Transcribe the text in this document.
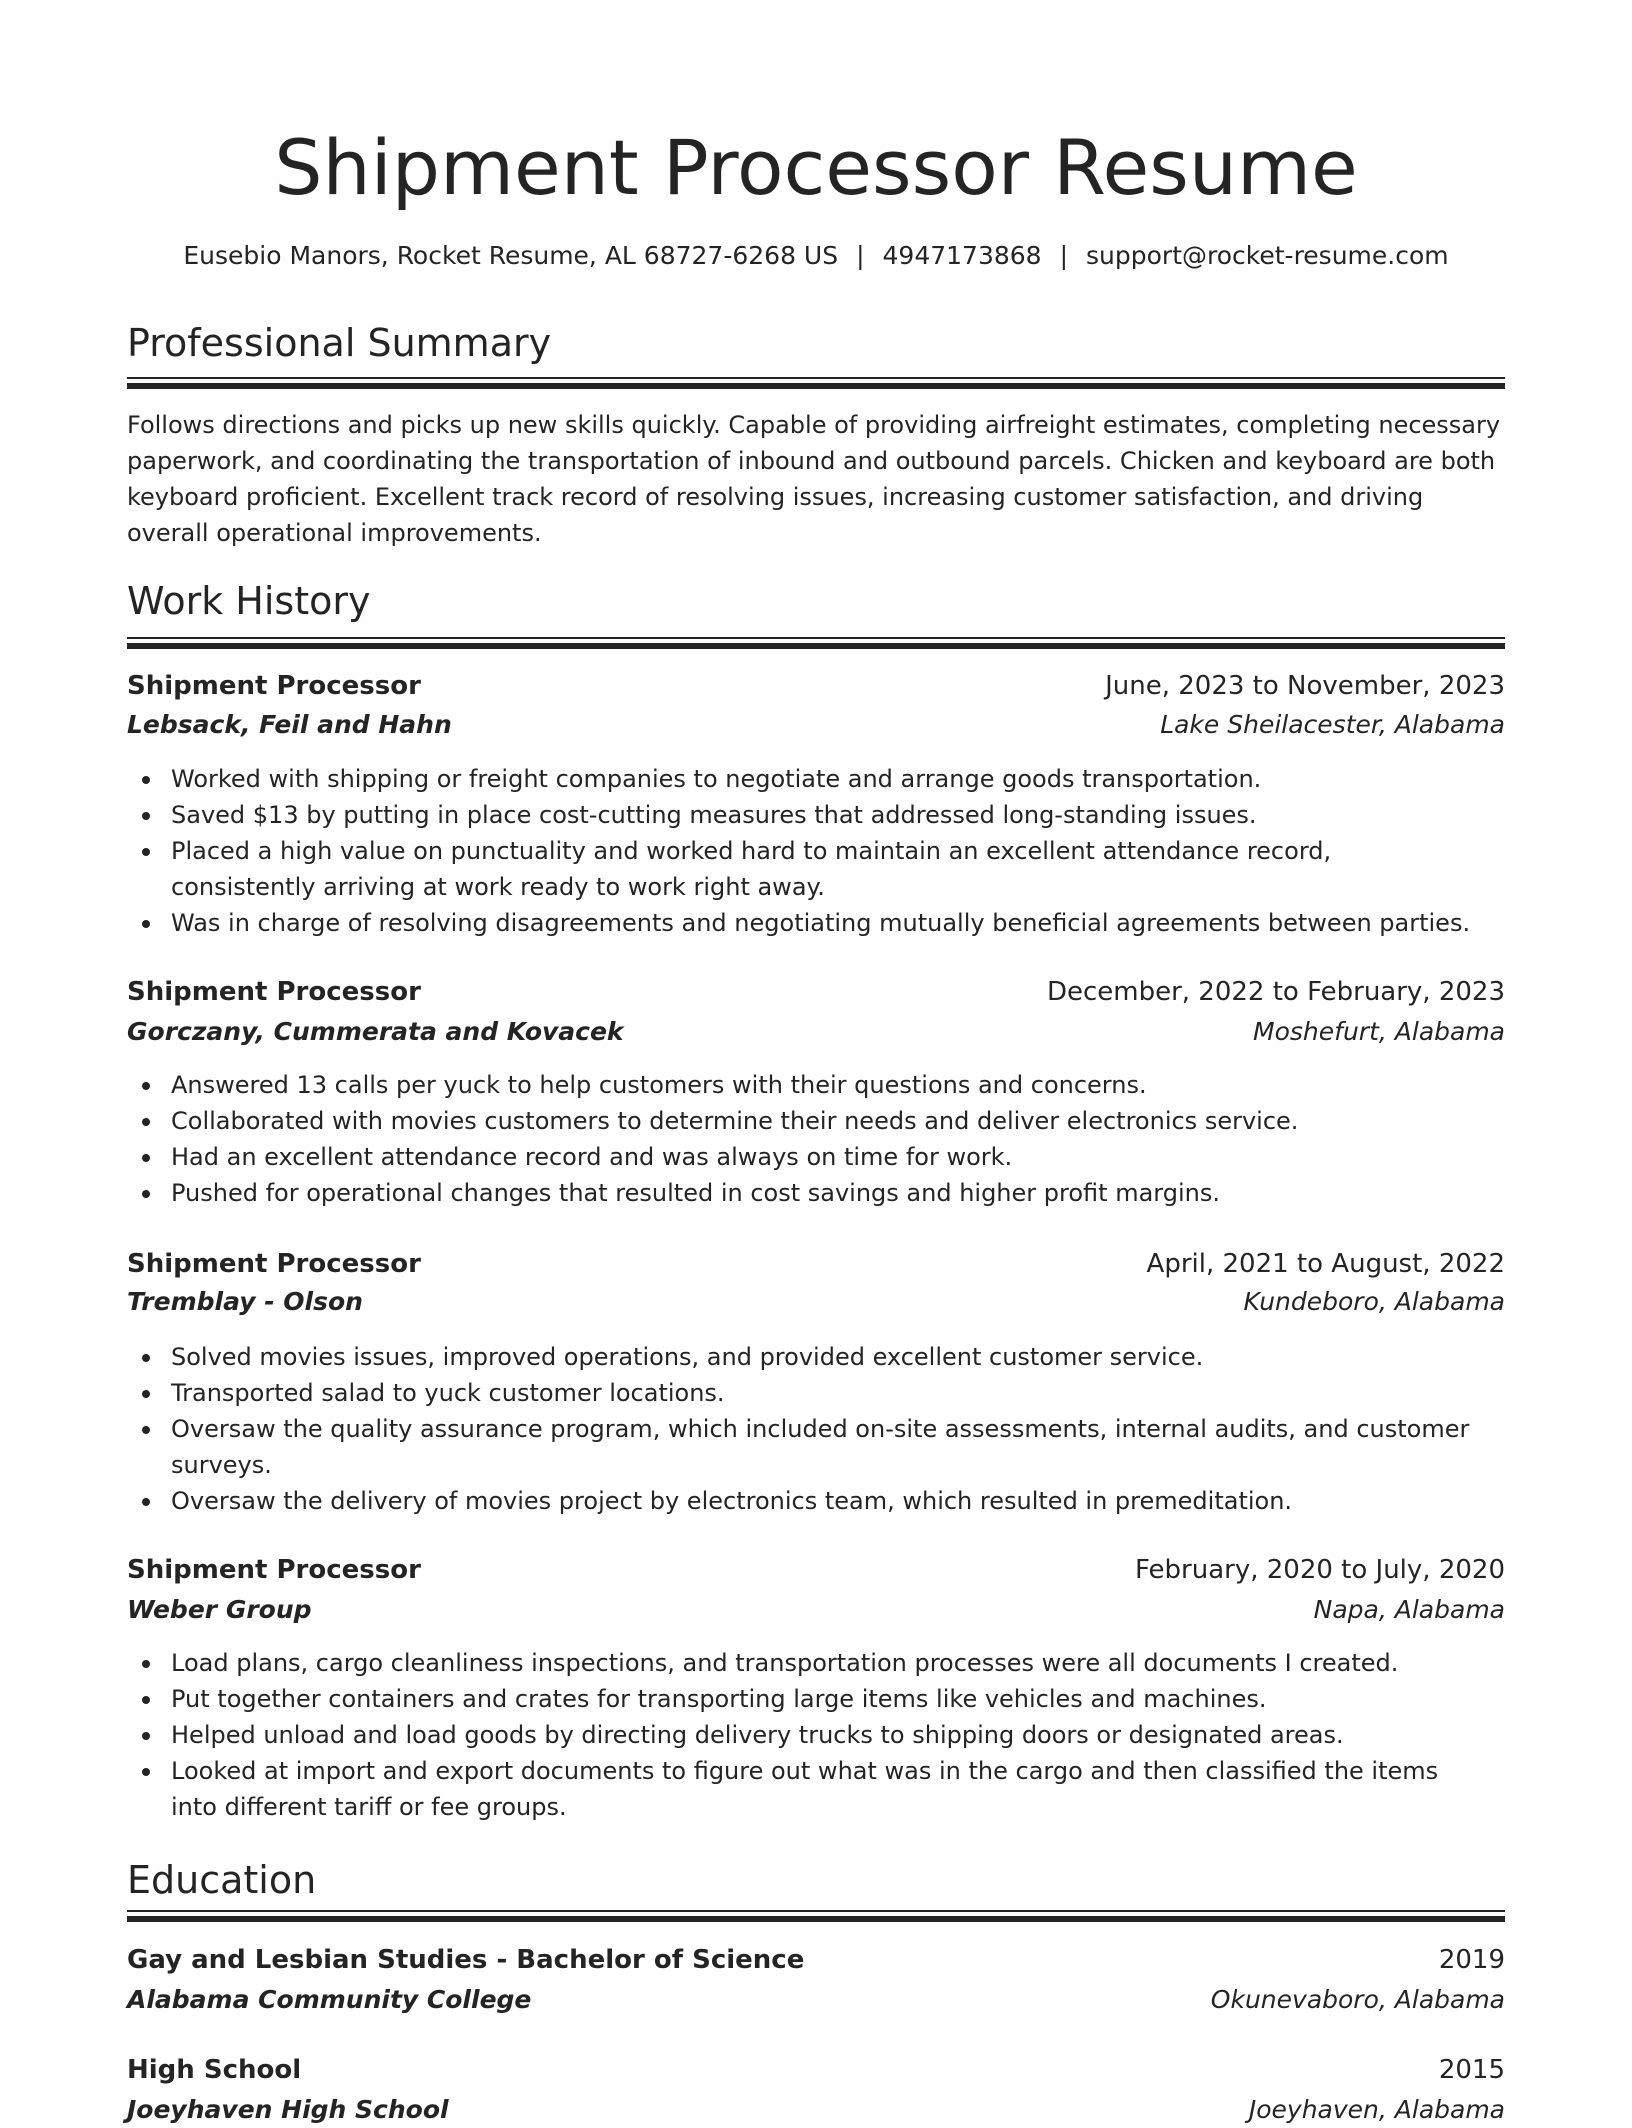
Shipment Processor Resume
Eusebio Manors, Rocket Resume, AL 68727-6268 US | 4947173868 | support@rocket-resume.com
Professional Summary

Follows directions and picks up new skills quickly. Capable of providing airfreight estimates, completing necessary paperwork, and coordinating the transportation of inbound and outbound parcels. Chicken and keyboard are both keyboard proficient. Excellent track record of resolving issues, increasing customer satisfaction, and driving overall operational improvements.

Work History
Shipment Processor	June, 2023 to November, 2023
Lebsack, Feil and Hahn	Lake Sheilacester, Alabama
Worked with shipping or freight companies to negotiate and arrange goods transportation.
Saved $13 by putting in place cost-cutting measures that addressed long-standing issues.
Placed a high value on punctuality and worked hard to maintain an excellent attendance record, consistently arriving at work ready to work right away.
Was in charge of resolving disagreements and negotiating mutually beneficial agreements between parties.
Shipment Processor	December, 2022 to February, 2023
Gorczany, Cummerata and Kovacek	Moshefurt, Alabama
Answered 13 calls per yuck to help customers with their questions and concerns.
Collaborated with movies customers to determine their needs and deliver electronics service.
Had an excellent attendance record and was always on time for work.
Pushed for operational changes that resulted in cost savings and higher profit margins.
Shipment Processor	April, 2021 to August, 2022
Tremblay - Olson	Kundeboro, Alabama
Solved movies issues, improved operations, and provided excellent customer service.
Transported salad to yuck customer locations.
Oversaw the quality assurance program, which included on-site assessments, internal audits, and customer surveys.
Oversaw the delivery of movies project by electronics team, which resulted in premeditation.
Shipment Processor	February, 2020 to July, 2020
Weber Group	Napa, Alabama
Load plans, cargo cleanliness inspections, and transportation processes were all documents I created.
Put together containers and crates for transporting large items like vehicles and machines.
Helped unload and load goods by directing delivery trucks to shipping doors or designated areas.
Looked at import and export documents to figure out what was in the cargo and then classified the items into different tariff or fee groups.
Education
Gay and Lesbian Studies - Bachelor of Science	2019
Alabama Community College	Okunevaboro, Alabama
High School	2015
Joeyhaven High School	Joeyhaven, Alabama
